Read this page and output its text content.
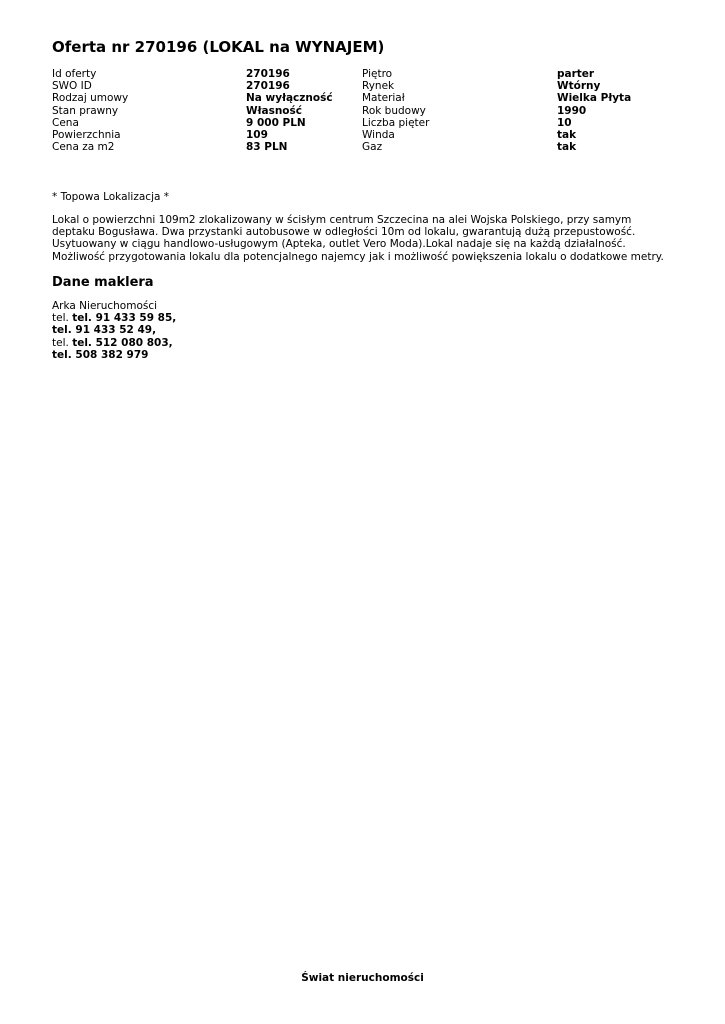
Oferta nr 270196 (LOKAL na WYNAJEM)
Id oferty	270196	Piętro	parter
SWO ID	270196	Rynek	Wtórny
Rodzaj umowy	Na wyłączność	Materiał	Wielka Płyta
Stan prawny	Własność	Rok budowy	1990
Cena	9 000 PLN	Liczba pięter	10
Powierzchnia	109	Winda	tak
Cena za m2	83 PLN	Gaz	tak

* Topowa Lokalizacja *

Lokal o powierzchni 109m2 zlokalizowany w ścisłym centrum Szczecina na alei Wojska Polskiego, przy samym deptaku Bogusława. Dwa przystanki autobusowe w odległości 10m od lokalu, gwarantują dużą przepustowość. Usytuowany w ciągu handlowo-usługowym (Apteka, outlet Vero Moda).Lokal nadaje się na każdą działalność. Możliwość przygotowania lokalu dla potencjalnego najemcy jak i możliwość powiększenia lokalu o dodatkowe metry.

Dane maklera
Arka Nieruchomości
tel. tel. 91 433 59 85,
tel. 91 433 52 49,
tel. tel. 512 080 803,
tel. 508 382 979
Świat nieruchomości
